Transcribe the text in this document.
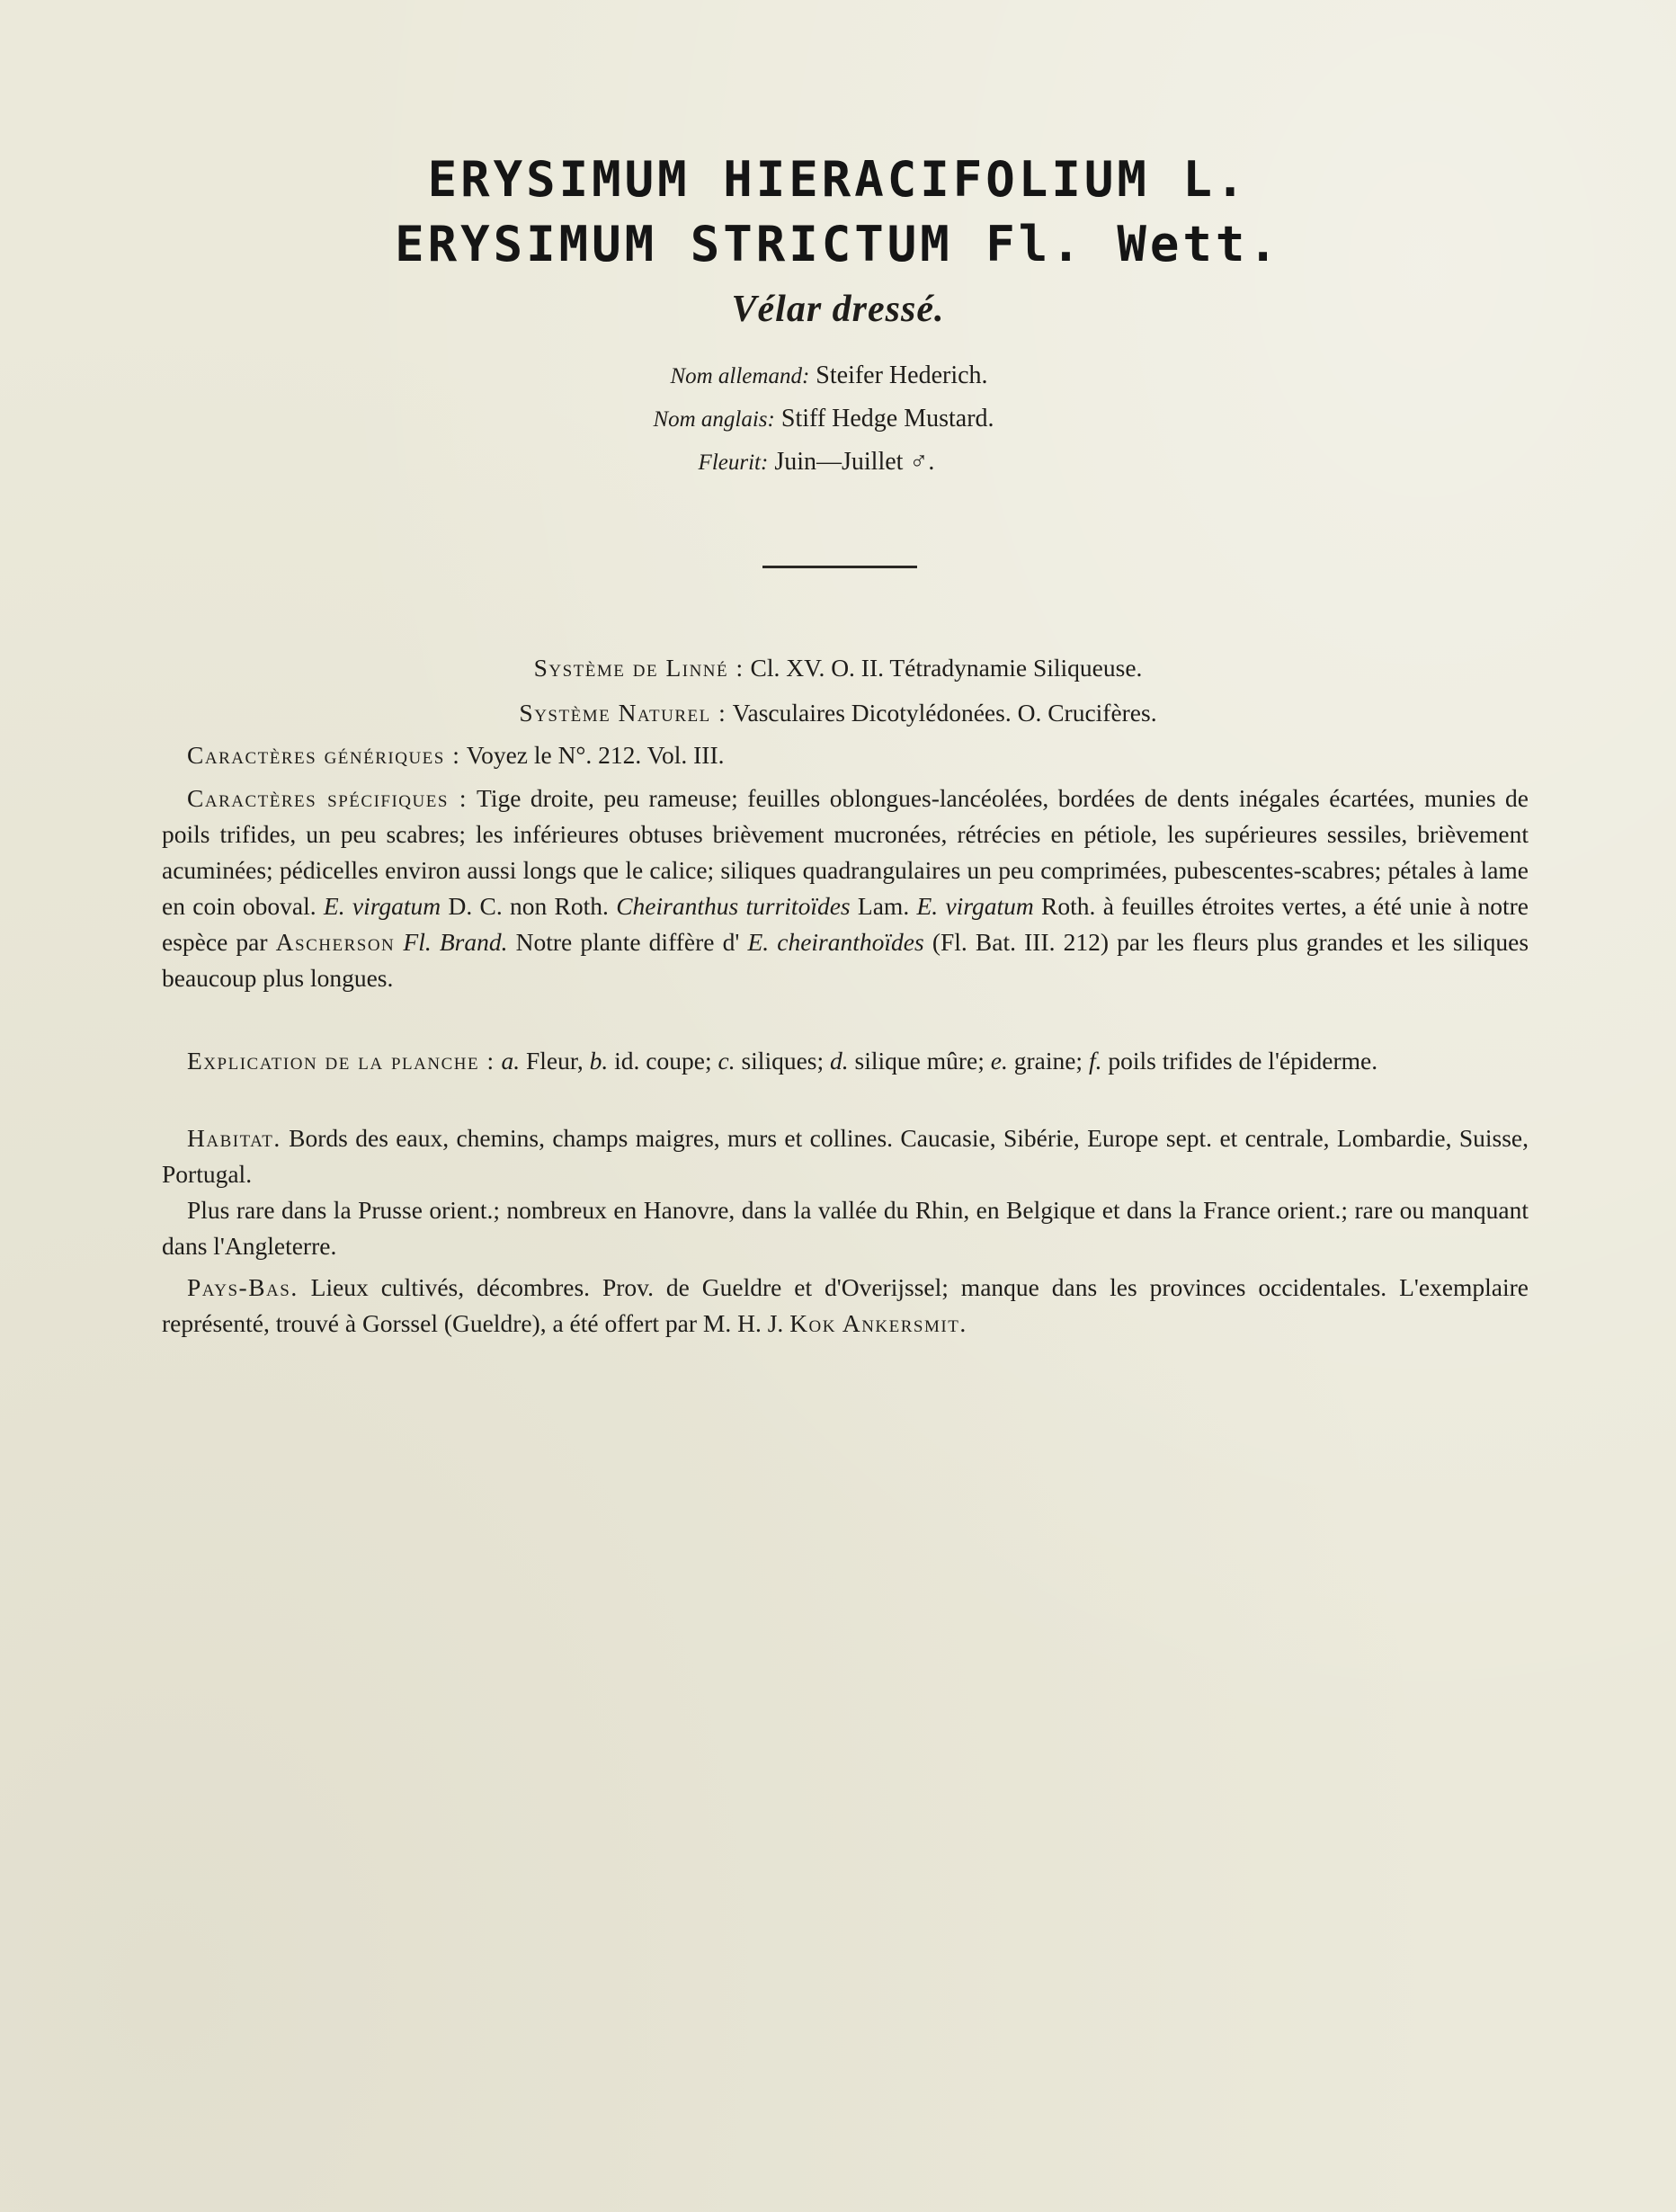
ERYSIMUM HIERACIFOLIUM L.
ERYSIMUM STRICTUM Fl. Wett.
Vélar dressé.
Nom allemand: Steifer Hederich.
Nom anglais: Stiff Hedge Mustard.
Fleurit: Juin—Juillet ♂.
Système de Linné : Cl. XV. O. II. Tétradynamie Siliqueuse.
Système Naturel : Vasculaires Dicotylédonées. O. Crucifères.
Caractères génériques : Voyez le N°. 212. Vol. III.
Caractères spécifiques : Tige droite, peu rameuse; feuilles oblongues-lancéolées, bordées de dents inégales écartées, munies de poils trifides, un peu scabres; les inférieures obtuses brièvement mucronées, rétrécies en pétiole, les supérieures sessiles, brièvement acuminées; pédicelles environ aussi longs que le calice; siliques quadrangulaires un peu comprimées, pubescentes-scabres; pétales à lame en coin oboval. E. virgatum D. C. non Roth. Cheiranthus turritoïdes Lam. E. virgatum Roth. à feuilles étroites vertes, a été unie à notre espèce par Ascherson Fl. Brand. Notre plante diffère d' E. cheiranthoïdes (Fl. Bat. III. 212) par les fleurs plus grandes et les siliques beaucoup plus longues.
Explication de la planche : a. Fleur, b. id. coupe; c. siliques; d. silique mûre; e. graine; f. poils trifides de l'épiderme.
Habitat. Bords des eaux, chemins, champs maigres, murs et collines. Caucasie, Sibérie, Europe sept. et centrale, Lombardie, Suisse, Portugal.
Plus rare dans la Prusse orient.; nombreux en Hanovre, dans la vallée du Rhin, en Belgique et dans la France orient.; rare ou manquant dans l'Angleterre.
Pays-Bas. Lieux cultivés, décombres. Prov. de Gueldre et d'Overijssel; manque dans les provinces occidentales. L'exemplaire représenté, trouvé à Gorssel (Gueldre), a été offert par M. H. J. Kok Ankersmit.
